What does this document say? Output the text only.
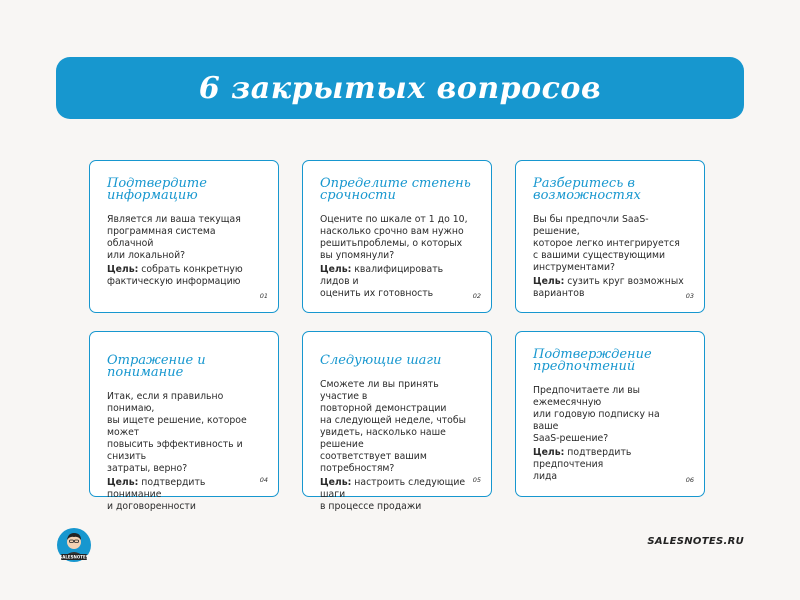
6 закрытых вопросов

Подтвердите
информацию

Является ли ваша текущая
программная система облачной
или локальной?

Цель: собрать конкретную
фактическую информацию

01

Определите степень
срочности

Оцените по шкале от 1 до 10,
насколько срочно вам нужно
решитьпроблемы, о которых
вы упомянули?

Цель: квалифицировать лидов и
оценить их готовность	02

Разберитесь в
возможностях

Вы бы предпочли SaaS-решение,
которое легко интегрируется
с вашими существующими
инструментами?

Цель: сузить круг возможных
вариантов	03

Отражение и понимание

Итак, если я правильно понимаю,
вы ищете решение, которое может
повысить эффективность и снизить
затраты, верно?

Цель: подтвердить понимание
и договоренности

04

Следующие шаги

Сможете ли вы принять участие в
повторной демонстрации
на следующей неделе, чтобы
увидеть, насколько наше решение
соответствует вашим
потребностям?

Цель: настроить следующие шаги
в процессе продажи

05

Подтверждение
предпочтений

Предпочитаете ли вы ежемесячную
или годовую подписку на ваше
SaaS-решение?

Цель: подтвердить предпочтения
лида	06
SALESNOTES
SALESNOTES.RU
